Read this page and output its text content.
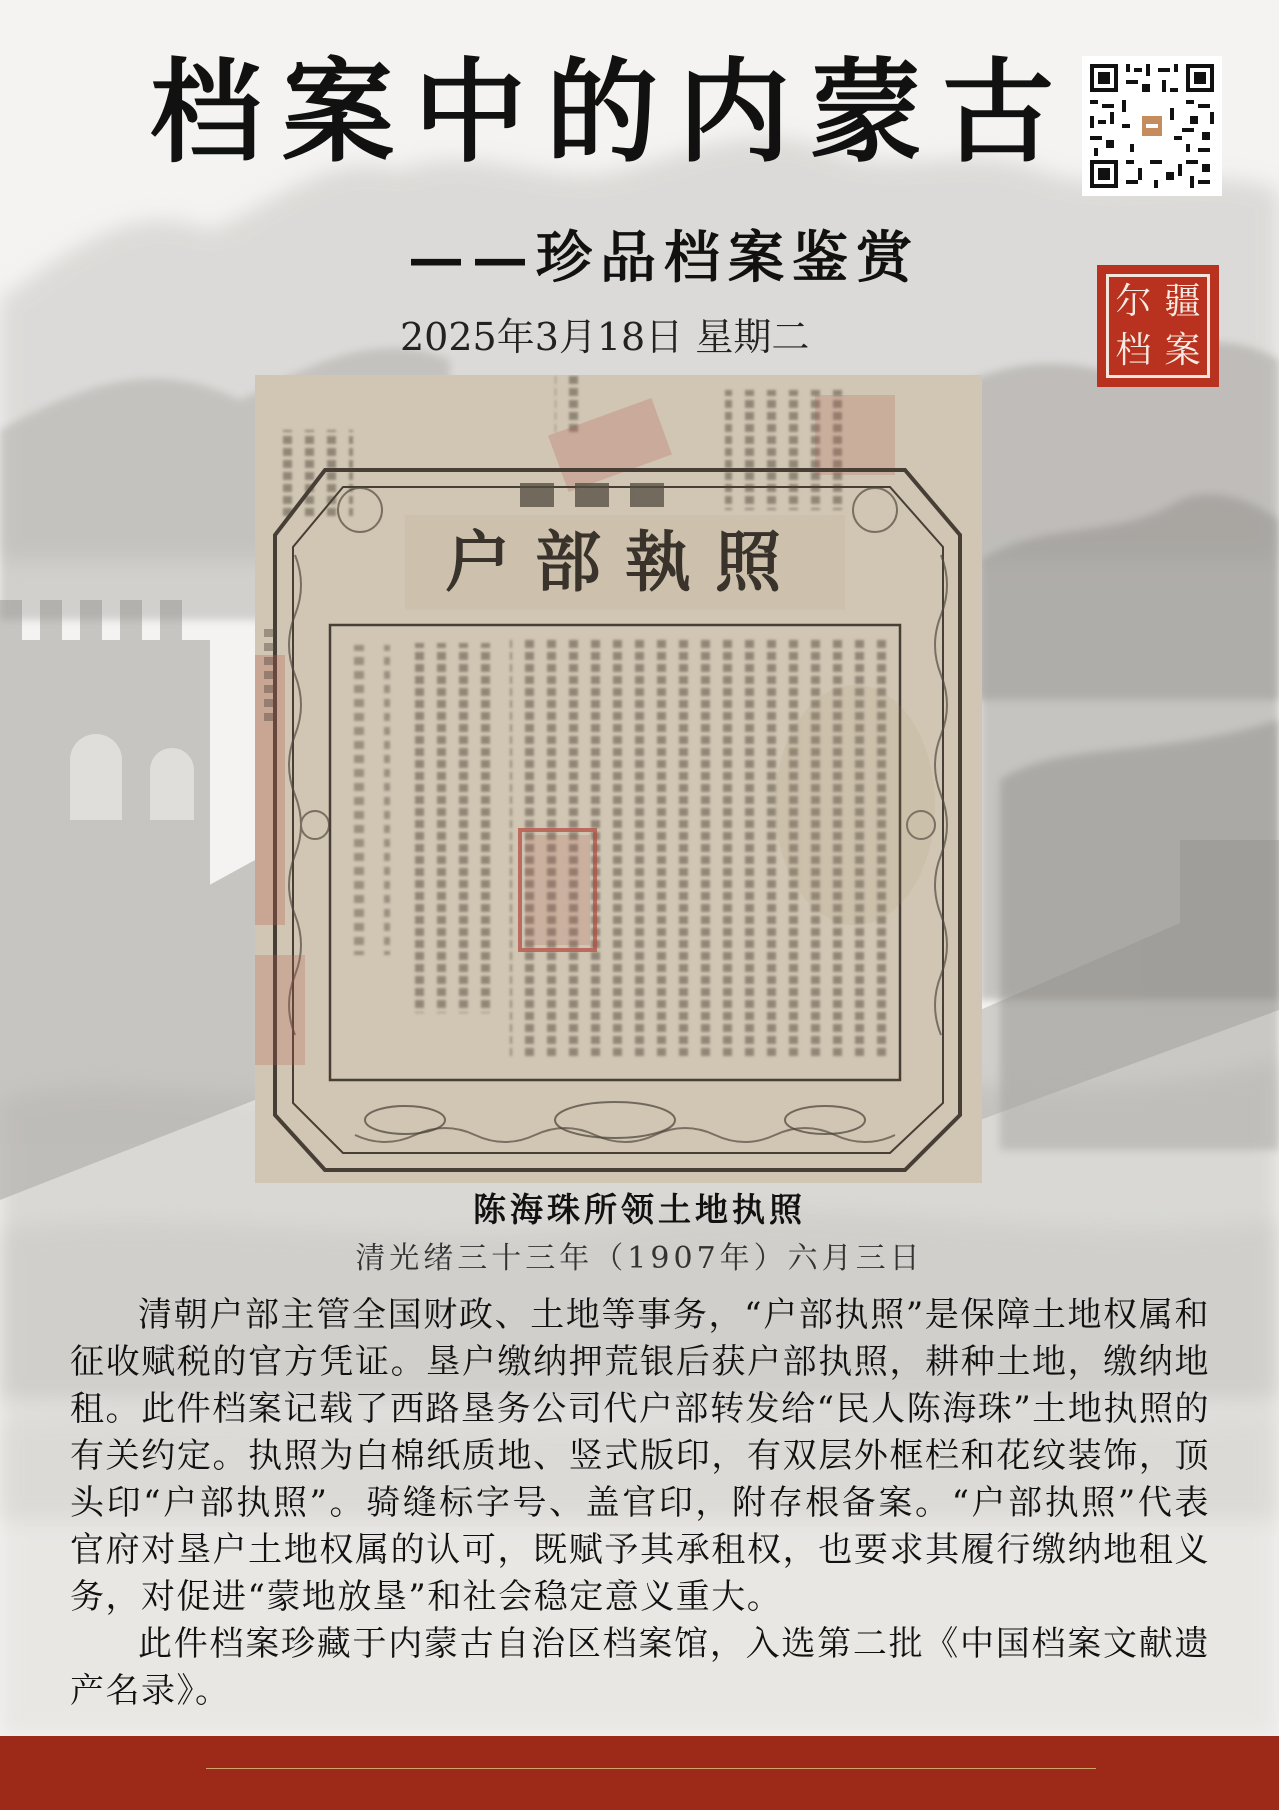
档案中的内蒙古
——珍品档案鉴赏
2025年3月18日 星期二
尔 疆
档 案
户部執照
陈海珠所领土地执照
清光绪三十三年（1907年）六月三日

清朝户部主管全国财政、土地等事务，“户部执照”是保障土地权属和征收赋税的官方凭证。垦户缴纳押荒银后获户部执照，耕种土地，缴纳地租。此件档案记载了西路垦务公司代户部转发给“民人陈海珠”土地执照的有关约定。执照为白棉纸质地、竖式版印，有双层外框栏和花纹装饰，顶头印“户部执照”。骑缝标字号、盖官印，附存根备案。“户部执照”代表官府对垦户土地权属的认可，既赋予其承租权，也要求其履行缴纳地租义务，对促进“蒙地放垦”和社会稳定意义重大。

此件档案珍藏于内蒙古自治区档案馆，入选第二批《中国档案文献遗产名录》。
